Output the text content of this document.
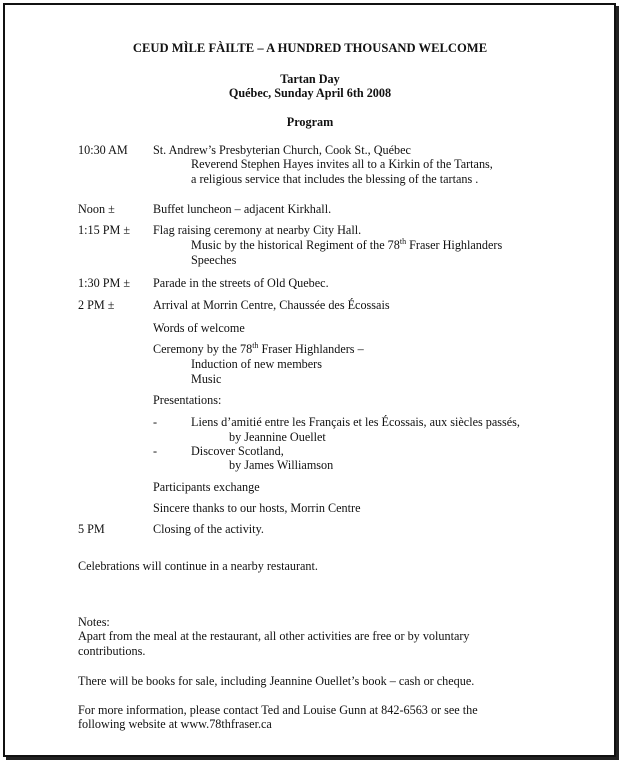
CEUD MÌLE FÀILTE – A HUNDRED THOUSAND WELCOME
Tartan Day
Québec, Sunday April 6th 2008
Program
10:30 AM St. Andrew’s Presbyterian Church, Cook St., Québec
Reverend Stephen Hayes invites all to a Kirkin of the Tartans,
a religious service that includes the blessing of the tartans .
Noon ±	Buffet luncheon – adjacent Kirkhall.
1:15 PM ± Flag raising ceremony at nearby City Hall.
Music by the historical Regiment of the 78th Fraser Highlanders
Speeches
1:30 PM ± Parade in the streets of Old Quebec.
2 PM ±	Arrival at Morrin Centre, Chaussée des Écossais
Words of welcome
Ceremony by the 78th Fraser Highlanders –
Induction of new members
Music
Presentations:
-	Liens d’amitié entre les Français et les Écossais, aux siècles passés,
by Jeannine Ouellet
-	Discover Scotland,
by James Williamson
Participants exchange
Sincere thanks to our hosts, Morrin Centre
5 PM	Closing of the activity.
Celebrations will continue in a nearby restaurant.
Notes:
Apart from the meal at the restaurant, all other activities are free or by voluntary
contributions.
There will be books for sale, including Jeannine Ouellet’s book – cash or cheque.
For more information, please contact Ted and Louise Gunn at 842-6563 or see the
following website at www.78thfraser.ca
